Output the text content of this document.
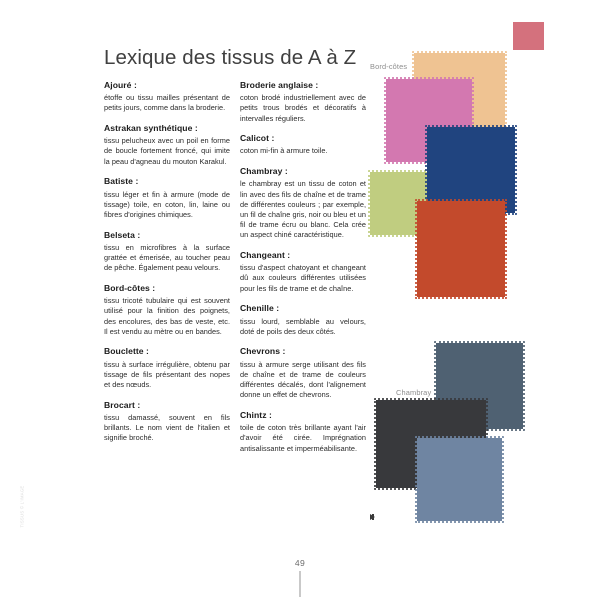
Lexique des tissus de A à Z

Ajouré :

étoffe ou tissu mailles présentant de petits jours, comme dans la broderie.

Astrakan synthétique :

tissu pelucheux avec un poil en forme de boucle fortement froncé, qui imite la peau d'agneau du mouton Karakul.

Batiste :

tissu léger et fin à armure (mode de tissage) toile, en coton, lin, laine ou fibres d'origines chimiques.

Belseta :

tissu en microfibres à la surface grattée et émerisée, au toucher peau de pêche. Également peau velours.

Bord-côtes :

tissu tricoté tubulaire qui est souvent utilisé pour la finition des poignets, des encolures, des bas de veste, etc. Il est vendu au mètre ou en bandes.

Bouclette :

tissu à surface irrégulière, obtenu par tissage de fils présentant des nopes et des nœuds.

Brocart :

tissu damassé, souvent en fils brillants. Le nom vient de l'italien et signifie broché.

Broderie anglaise :

coton brodé industriellement avec de petits trous brodés et décoratifs à intervalles réguliers.

Calicot :

coton mi-fin à armure toile.

Chambray :

le chambray est un tissu de coton et lin avec des fils de chaîne et de trame de différentes couleurs ; par exemple, un fil de chaîne gris, noir ou bleu et un fil de trame écru ou blanc. Cela crée un aspect chiné caractéristique.

Changeant :

tissu d'aspect chatoyant et changeant dû aux couleurs différentes utilisées pour les fils de trame et de chaîne.

Chenille :

tissu lourd, semblable au velours, doté de poils des deux côtés.

Chevrons :

tissu à armure serge utilisant des fils de chaîne et de trame de couleurs différentes décalés, dont l'alignement donne un effet de chevrons.

Chintz :

toile de coton très brillante ayant l'air d'avoir été cirée. Imprégnation antisalissante et imperméabilisante.

Bord-côtes
Chambray
49
TISSUS © L'IMAGE
